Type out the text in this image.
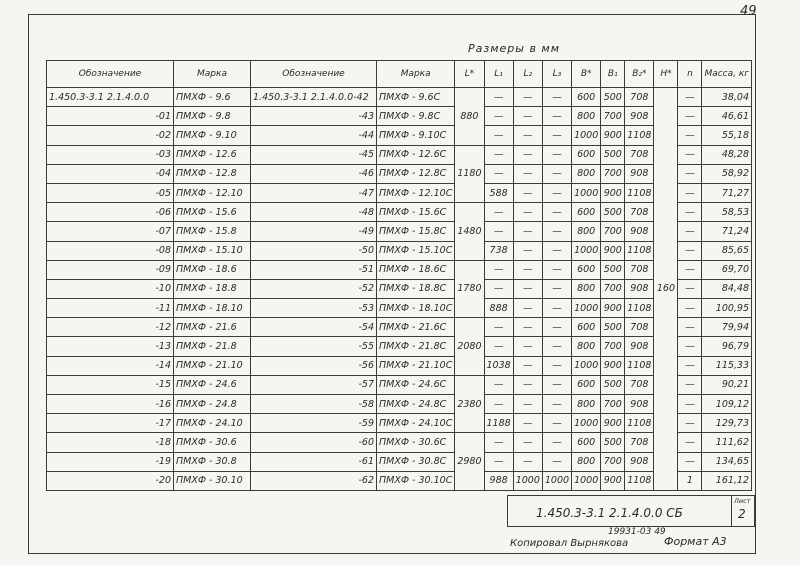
49
Размеры в мм
Обозначение	Марка	Обозначение	Марка	L*	L₁	L₂	L₃	B*	B₁	B₂*	H*	n	Масса, кг
1.450.3-3.1 2.1.4.0.0	ПМХФ - 9.6	1.450.3-3.1 2.1.4.0.0-42	ПМХФ - 9.6С	880	—	—	—	600	500	708	160	—	38,04
-01	ПМХФ - 9.8	-43	ПМХФ - 9.8С		—	—	—	800	700	908		—	46,61
-02	ПМХФ - 9.10	-44	ПМХФ - 9.10С		—	—	—	1000	900	1108		—	55,18
-03	ПМХФ - 12.6	-45	ПМХФ - 12.6С	1180	—	—	—	600	500	708		—	48,28
-04	ПМХФ - 12.8	-46	ПМХФ - 12.8С		—	—	—	800	700	908		—	58,92
-05	ПМХФ - 12.10	-47	ПМХФ - 12.10С		588	—	—	1000	900	1108		—	71,27
-06	ПМХФ - 15.6	-48	ПМХФ - 15.6С	1480	—	—	—	600	500	708		—	58,53
-07	ПМХФ - 15.8	-49	ПМХФ - 15.8С		—	—	—	800	700	908		—	71,24
-08	ПМХФ - 15.10	-50	ПМХФ - 15.10С		738	—	—	1000	900	1108		—	85,65
-09	ПМХФ - 18.6	-51	ПМХФ - 18.6С	1780	—	—	—	600	500	708		—	69,70
-10	ПМХФ - 18.8	-52	ПМХФ - 18.8С		—	—	—	800	700	908		—	84,48
-11	ПМХФ - 18.10	-53	ПМХФ - 18.10С		888	—	—	1000	900	1108		—	100,95
-12	ПМХФ - 21.6	-54	ПМХФ - 21.6С	2080	—	—	—	600	500	708		—	79,94
-13	ПМХФ - 21.8	-55	ПМХФ - 21.8С		—	—	—	800	700	908		—	96,79
-14	ПМХФ - 21.10	-56	ПМХФ - 21.10С		1038	—	—	1000	900	1108		—	115,33
-15	ПМХФ - 24.6	-57	ПМХФ - 24.6С	2380	—	—	—	600	500	708		—	90,21
-16	ПМХФ - 24.8	-58	ПМХФ - 24.8С		—	—	—	800	700	908		—	109,12
-17	ПМХФ - 24.10	-59	ПМХФ - 24.10С		1188	—	—	1000	900	1108		—	129,73
-18	ПМХФ - 30.6	-60	ПМХФ - 30.6С	2980	—	—	—	600	500	708		—	111,62
-19	ПМХФ - 30.8	-61	ПМХФ - 30.8С		—	—	—	800	700	908		—	134,65
-20	ПМХФ - 30.10	-62	ПМХФ - 30.10С		988	1000	1000	1000	900	1108		1	161,12
1.450.3-3.1 2.1.4.0.0 СБ
Лист
2
19931-03 49
Копировал Вырнякова	Формат А3
